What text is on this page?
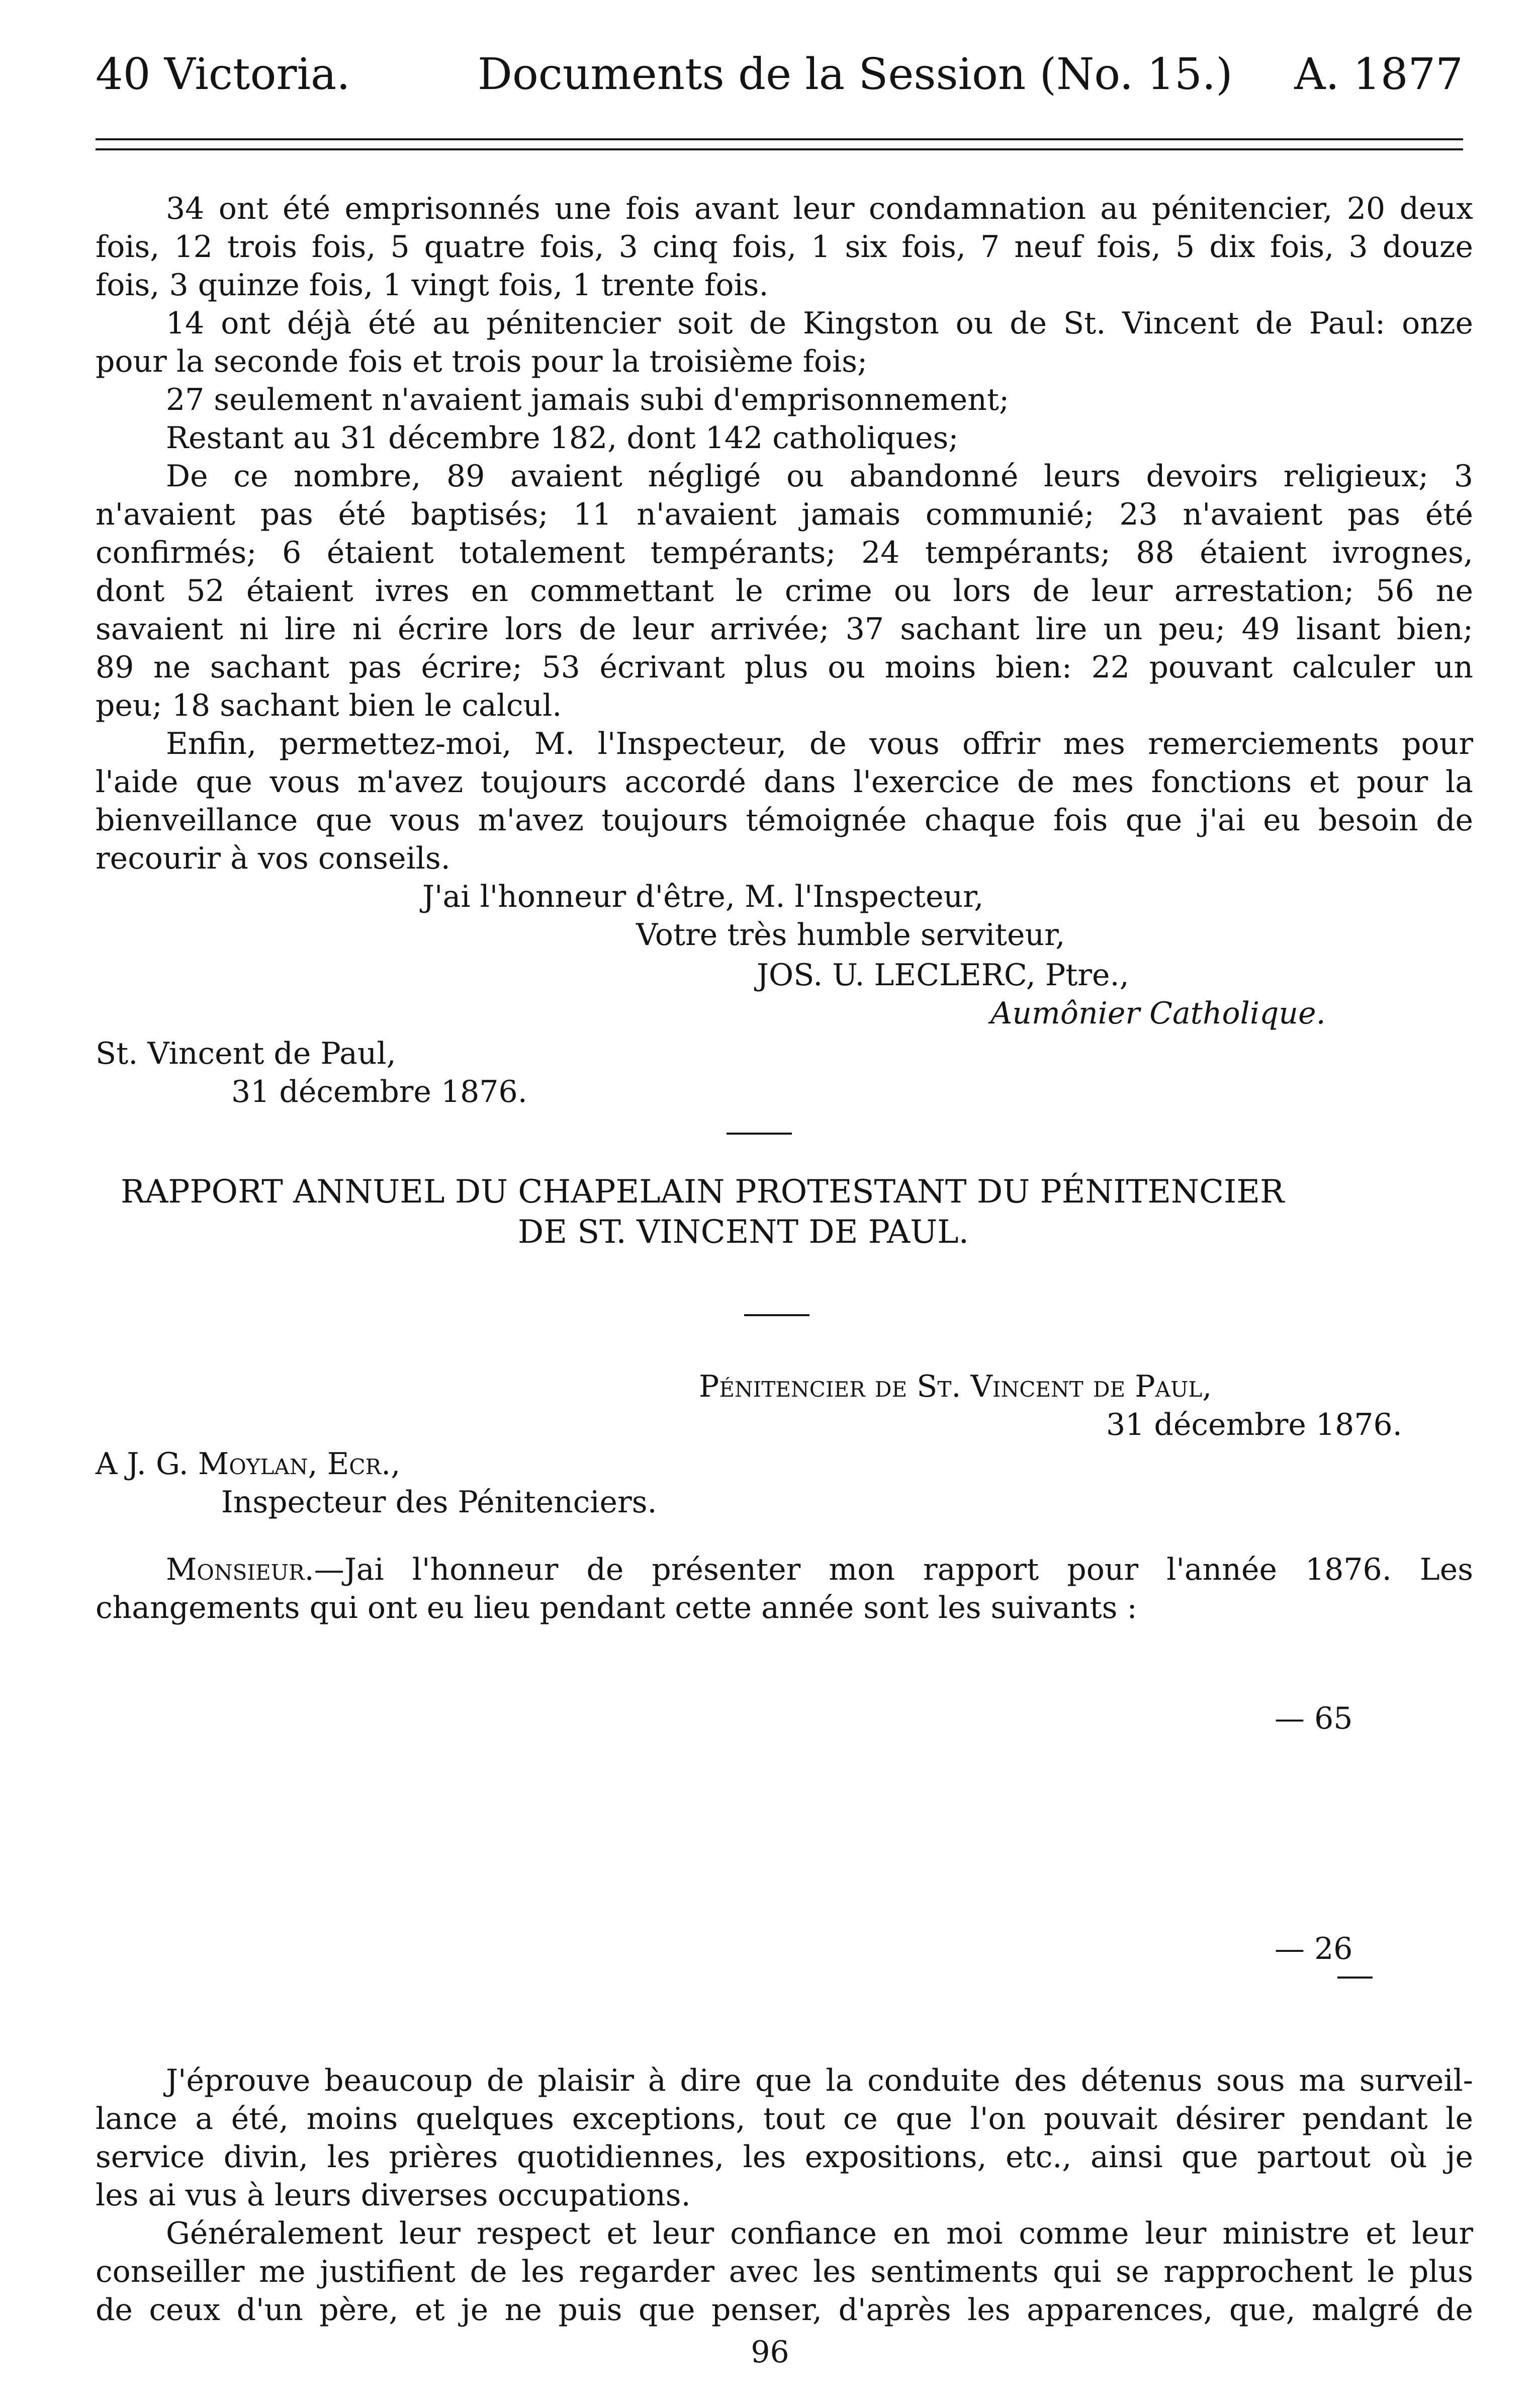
40 Victoria.	Documents de la Session (No. 15.) A. 1877
34 ont été emprisonnés une fois avant leur condamnation au pénitencier, 20 deux
fois, 12 trois fois, 5 quatre fois, 3 cinq fois, 1 six fois, 7 neuf fois, 5 dix fois, 3 douze
fois, 3 quinze fois, 1 vingt fois, 1 trente fois.
14 ont déjà été au pénitencier soit de Kingston ou de St. Vincent de Paul: onze
pour la seconde fois et trois pour la troisième fois;
27 seulement n'avaient jamais subi d'emprisonnement;
Restant au 31 décembre 182, dont 142 catholiques;
De ce nombre, 89 avaient négligé ou abandonné leurs devoirs religieux; 3
n'avaient pas été baptisés; 11 n'avaient jamais communié; 23 n'avaient pas été
confirmés; 6 étaient totalement tempérants; 24 tempérants; 88 étaient ivrognes,
dont 52 étaient ivres en commettant le crime ou lors de leur arrestation; 56 ne
savaient ni lire ni écrire lors de leur arrivée; 37 sachant lire un peu; 49 lisant bien;
89 ne sachant pas écrire; 53 écrivant plus ou moins bien: 22 pouvant calculer un
peu; 18 sachant bien le calcul.
Enfin, permettez-moi, M. l'Inspecteur, de vous offrir mes remerciements pour
l'aide que vous m'avez toujours accordé dans l'exercice de mes fonctions et pour la
bienveillance que vous m'avez toujours témoignée chaque fois que j'ai eu besoin de
recourir à vos conseils.
J'ai l'honneur d'être, M. l'Inspecteur,
Votre très humble serviteur,
JOS. U. LECLERC, Ptre.,
Aumônier Catholique.
St. Vincent de Paul,
31 décembre 1876.
RAPPORT ANNUEL DU CHAPELAIN PROTESTANT DU PÉNITENCIER
DE ST. VINCENT DE PAUL.
Pénitencier de St. Vincent de Paul,
31 décembre 1876.
A J. G. Moylan, Ecr.,
Inspecteur des Pénitenciers.
Monsieur.—Jai l'honneur de présenter mon rapport pour l'année 1876. Les
changements qui ont eu lieu pendant cette année sont les suivants :
— 65
— 26
J'éprouve beaucoup de plaisir à dire que la conduite des détenus sous ma surveil-
lance a été, moins quelques exceptions, tout ce que l'on pouvait désirer pendant le
service divin, les prières quotidiennes, les expositions, etc., ainsi que partout où je
les ai vus à leurs diverses occupations.
Généralement leur respect et leur confiance en moi comme leur ministre et leur
conseiller me justifient de les regarder avec les sentiments qui se rapprochent le plus
de ceux d'un père, et je ne puis que penser, d'après les apparences, que, malgré de
96
